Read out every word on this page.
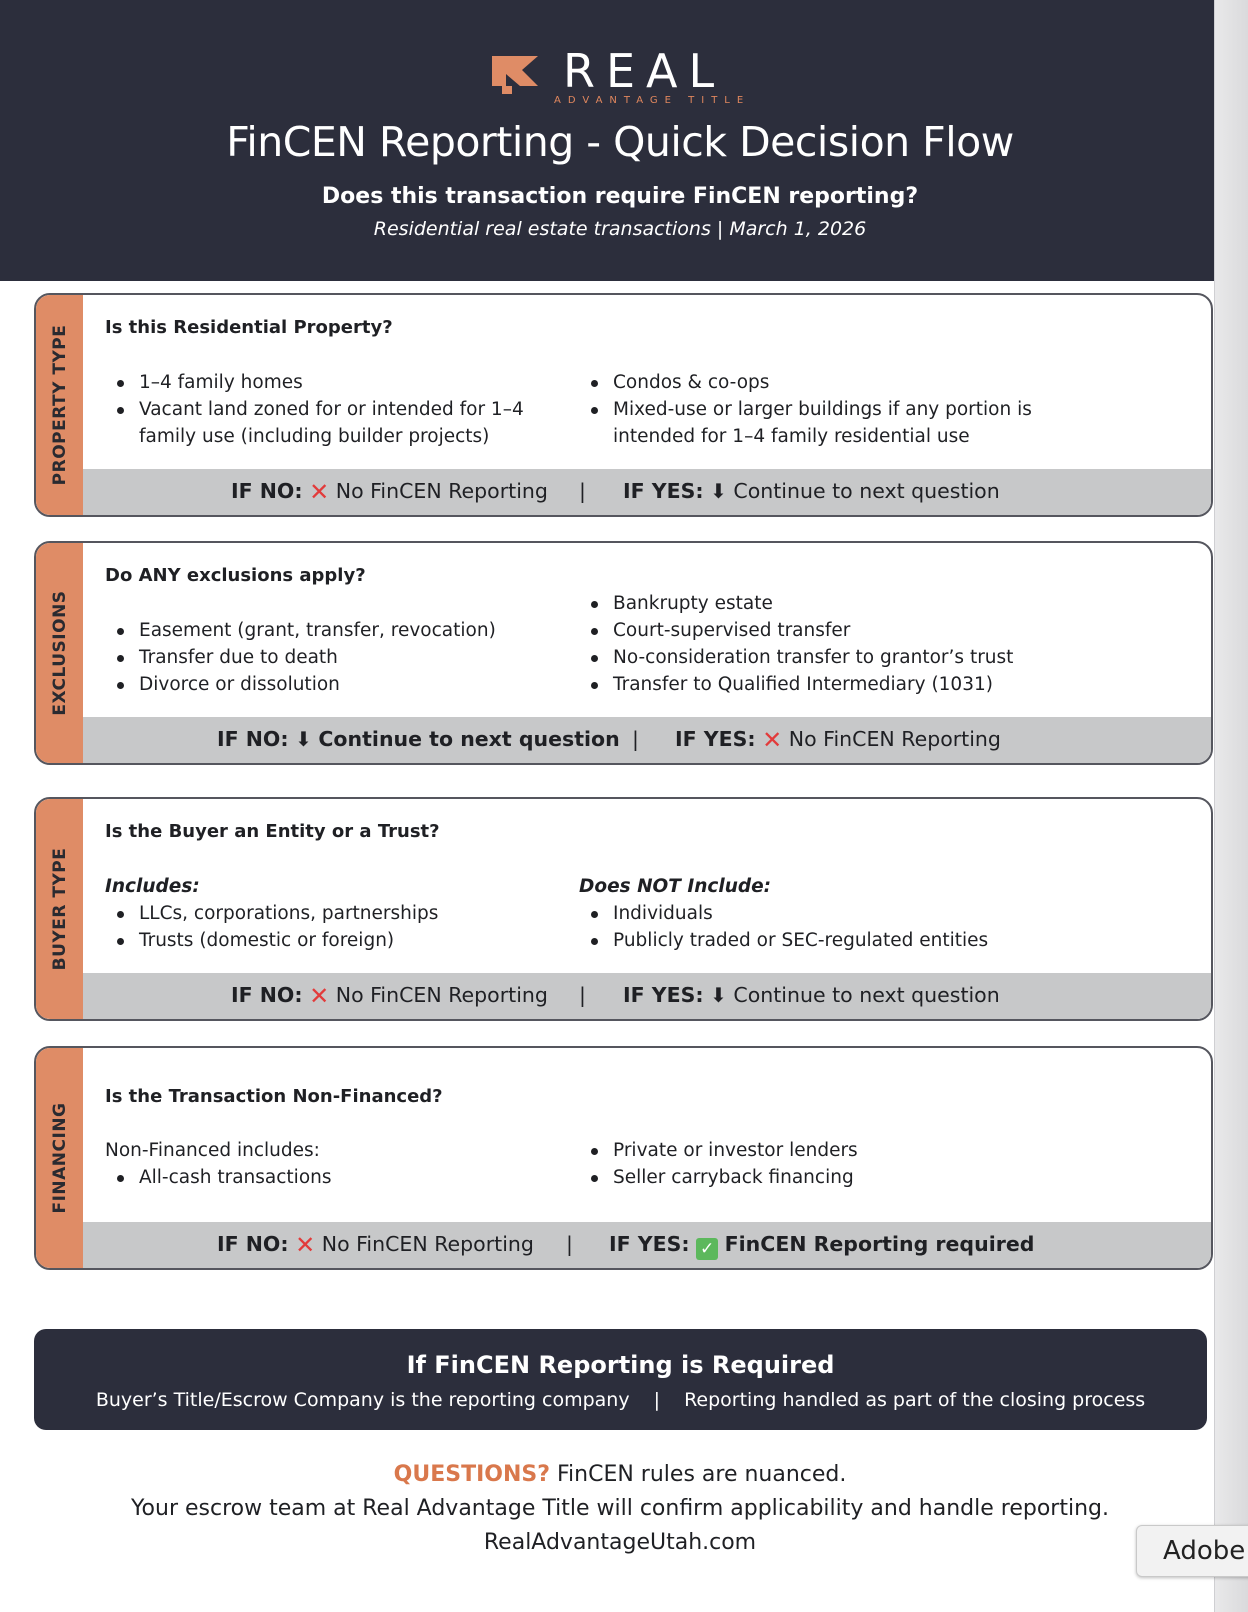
REAL
ADVANTAGE TITLE
FinCEN Reporting - Quick Decision Flow
Does this transaction require FinCEN reporting?
Residential real estate transactions | March 1, 2026
PROPERTY TYPE Is this Residential Property?
1–4 family homes
Vacant land zoned for or intended for 1–4 family use (including builder projects)
Condos & co-ops
Mixed-use or larger buildings if any portion is intended for 1–4 family residential use
IF NO: ✕ No FinCEN Reporting | IF YES: ⬇ Continue to next question
EXCLUSIONS
Do ANY exclusions apply?
Easement (grant, transfer, revocation)
Transfer due to death
Divorce or dissolution
Bankrupty estate
Court-supervised transfer
No-consideration transfer to grantor’s trust
Transfer to Qualified Intermediary (1031)
IF NO: ⬇ Continue to next question | IF YES: ✕ No FinCEN Reporting
BUYER TYPE
Is the Buyer an Entity or a Trust?
Includes:
LLCs, corporations, partnerships
Trusts (domestic or foreign)
Does NOT Include:
Individuals
Publicly traded or SEC-regulated entities
IF NO: ✕ No FinCEN Reporting | IF YES: ⬇ Continue to next question
FINANCING
Is the Transaction Non-Financed?
Non-Financed includes:
All-cash transactions
Private or investor lenders
Seller carryback financing
IF NO: ✕ No FinCEN Reporting | IF YES: ✓ FinCEN Reporting required
If FinCEN Reporting is Required
Buyer’s Title/Escrow Company is the reporting company | Reporting handled as part of the closing process
QUESTIONS? FinCEN rules are nuanced.
Your escrow team at Real Advantage Title will confirm applicability and handle reporting.
RealAdvantageUtah.com	Adobe
